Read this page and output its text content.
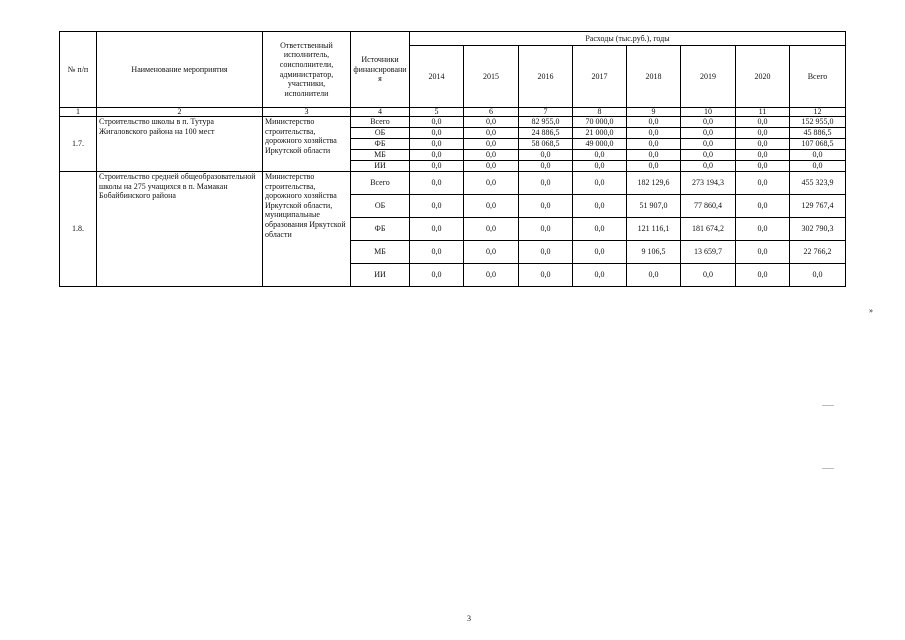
№ п/п	Наименование мероприятия	Ответственный исполнитель, соисполнители, администратор, участники, исполнители	Источники финансировани я	Расходы (тыс.руб.), годы							
				2014	2015	2016	2017	2018	2019	2020	Всего
1	2	3	4	5	6	7	8	9	10	11	12
1.7.	Строительство школы в п. Тутура Жигаловского района на 100 мест	Министерство строительства, дорожного хозяйства Иркутской области	Всего	0,0	0,0	82 955,0	70 000,0	0,0	0,0	0,0	152 955,0
			ОБ	0,0	0,0	24 886,5	21 000,0	0,0	0,0	0,0	45 886,5
			ФБ	0,0	0,0	58 068,5	49 000,0	0,0	0,0	0,0	107 068,5
			МБ	0,0	0,0	0,0	0,0	0,0	0,0	0,0	0,0
			ИИ	0,0	0,0	0,0	0,0	0,0	0,0	0,0	0,0
1.8.	Строительство средней общеобразовательной школы на 275 учащихся в п. Мамакан Бобайбинского района	Министерство строительства, дорожного хозяйства Иркутской области, муниципальные образования Иркутской области	Всего	0,0	0,0	0,0	0,0	182 129,6	273 194,3	0,0	455 323,9
			ОБ	0,0	0,0	0,0	0,0	51 907,0	77 860,4	0,0	129 767,4
			ФБ	0,0	0,0	0,0	0,0	121 116,1	181 674,2	0,0	302 790,3
			МБ	0,0	0,0	0,0	0,0	9 106,5	13 659,7	0,0	22 766,2
			ИИ	0,0	0,0	0,0	0,0	0,0	0,0	0,0	0,0
»
3
